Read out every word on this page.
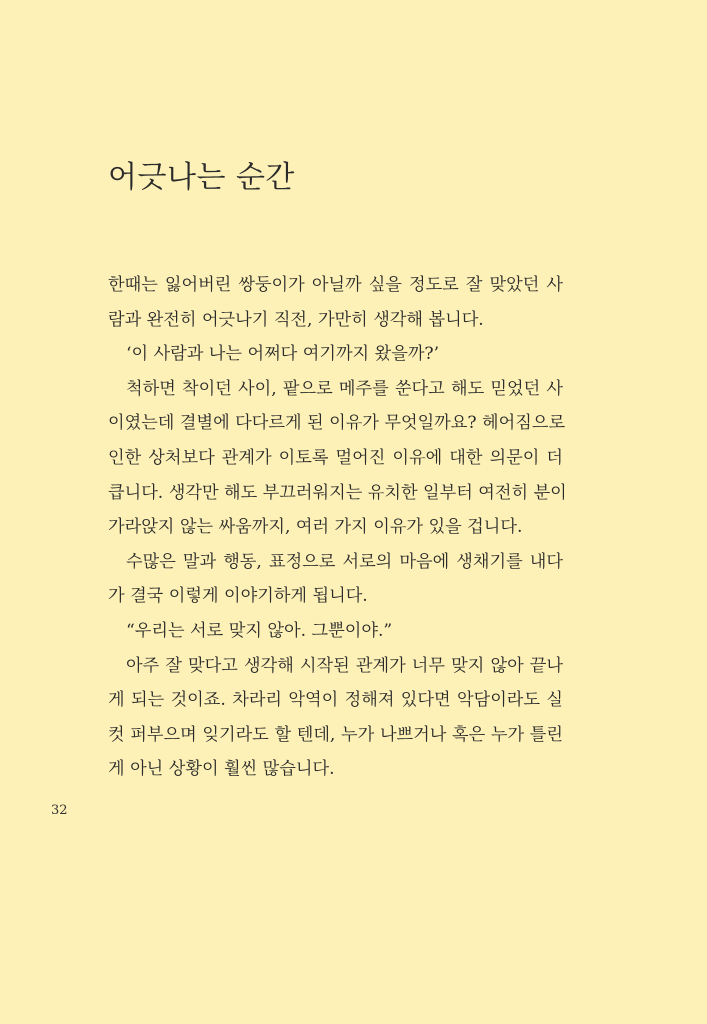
어긋나는 순간
한때는 잃어버린 쌍둥이가 아닐까 싶을 정도로 잘 맞았던 사
람과 완전히 어긋나기 직전, 가만히 생각해 봅니다.
‘이 사람과 나는 어쩌다 여기까지 왔을까?’
척하면 착이던 사이, 팥으로 메주를 쑨다고 해도 믿었던 사
이였는데 결별에 다다르게 된 이유가 무엇일까요? 헤어짐으로
인한 상처보다 관계가 이토록 멀어진 이유에 대한 의문이 더
큽니다. 생각만 해도 부끄러워지는 유치한 일부터 여전히 분이
가라앉지 않는 싸움까지, 여러 가지 이유가 있을 겁니다.
수많은 말과 행동, 표정으로 서로의 마음에 생채기를 내다
가 결국 이렇게 이야기하게 됩니다.
“우리는 서로 맞지 않아. 그뿐이야.”
아주 잘 맞다고 생각해 시작된 관계가 너무 맞지 않아 끝나
게 되는 것이죠. 차라리 악역이 정해져 있다면 악담이라도 실
컷 퍼부으며 잊기라도 할 텐데, 누가 나쁘거나 혹은 누가 틀린
게 아닌 상황이 훨씬 많습니다.
32
